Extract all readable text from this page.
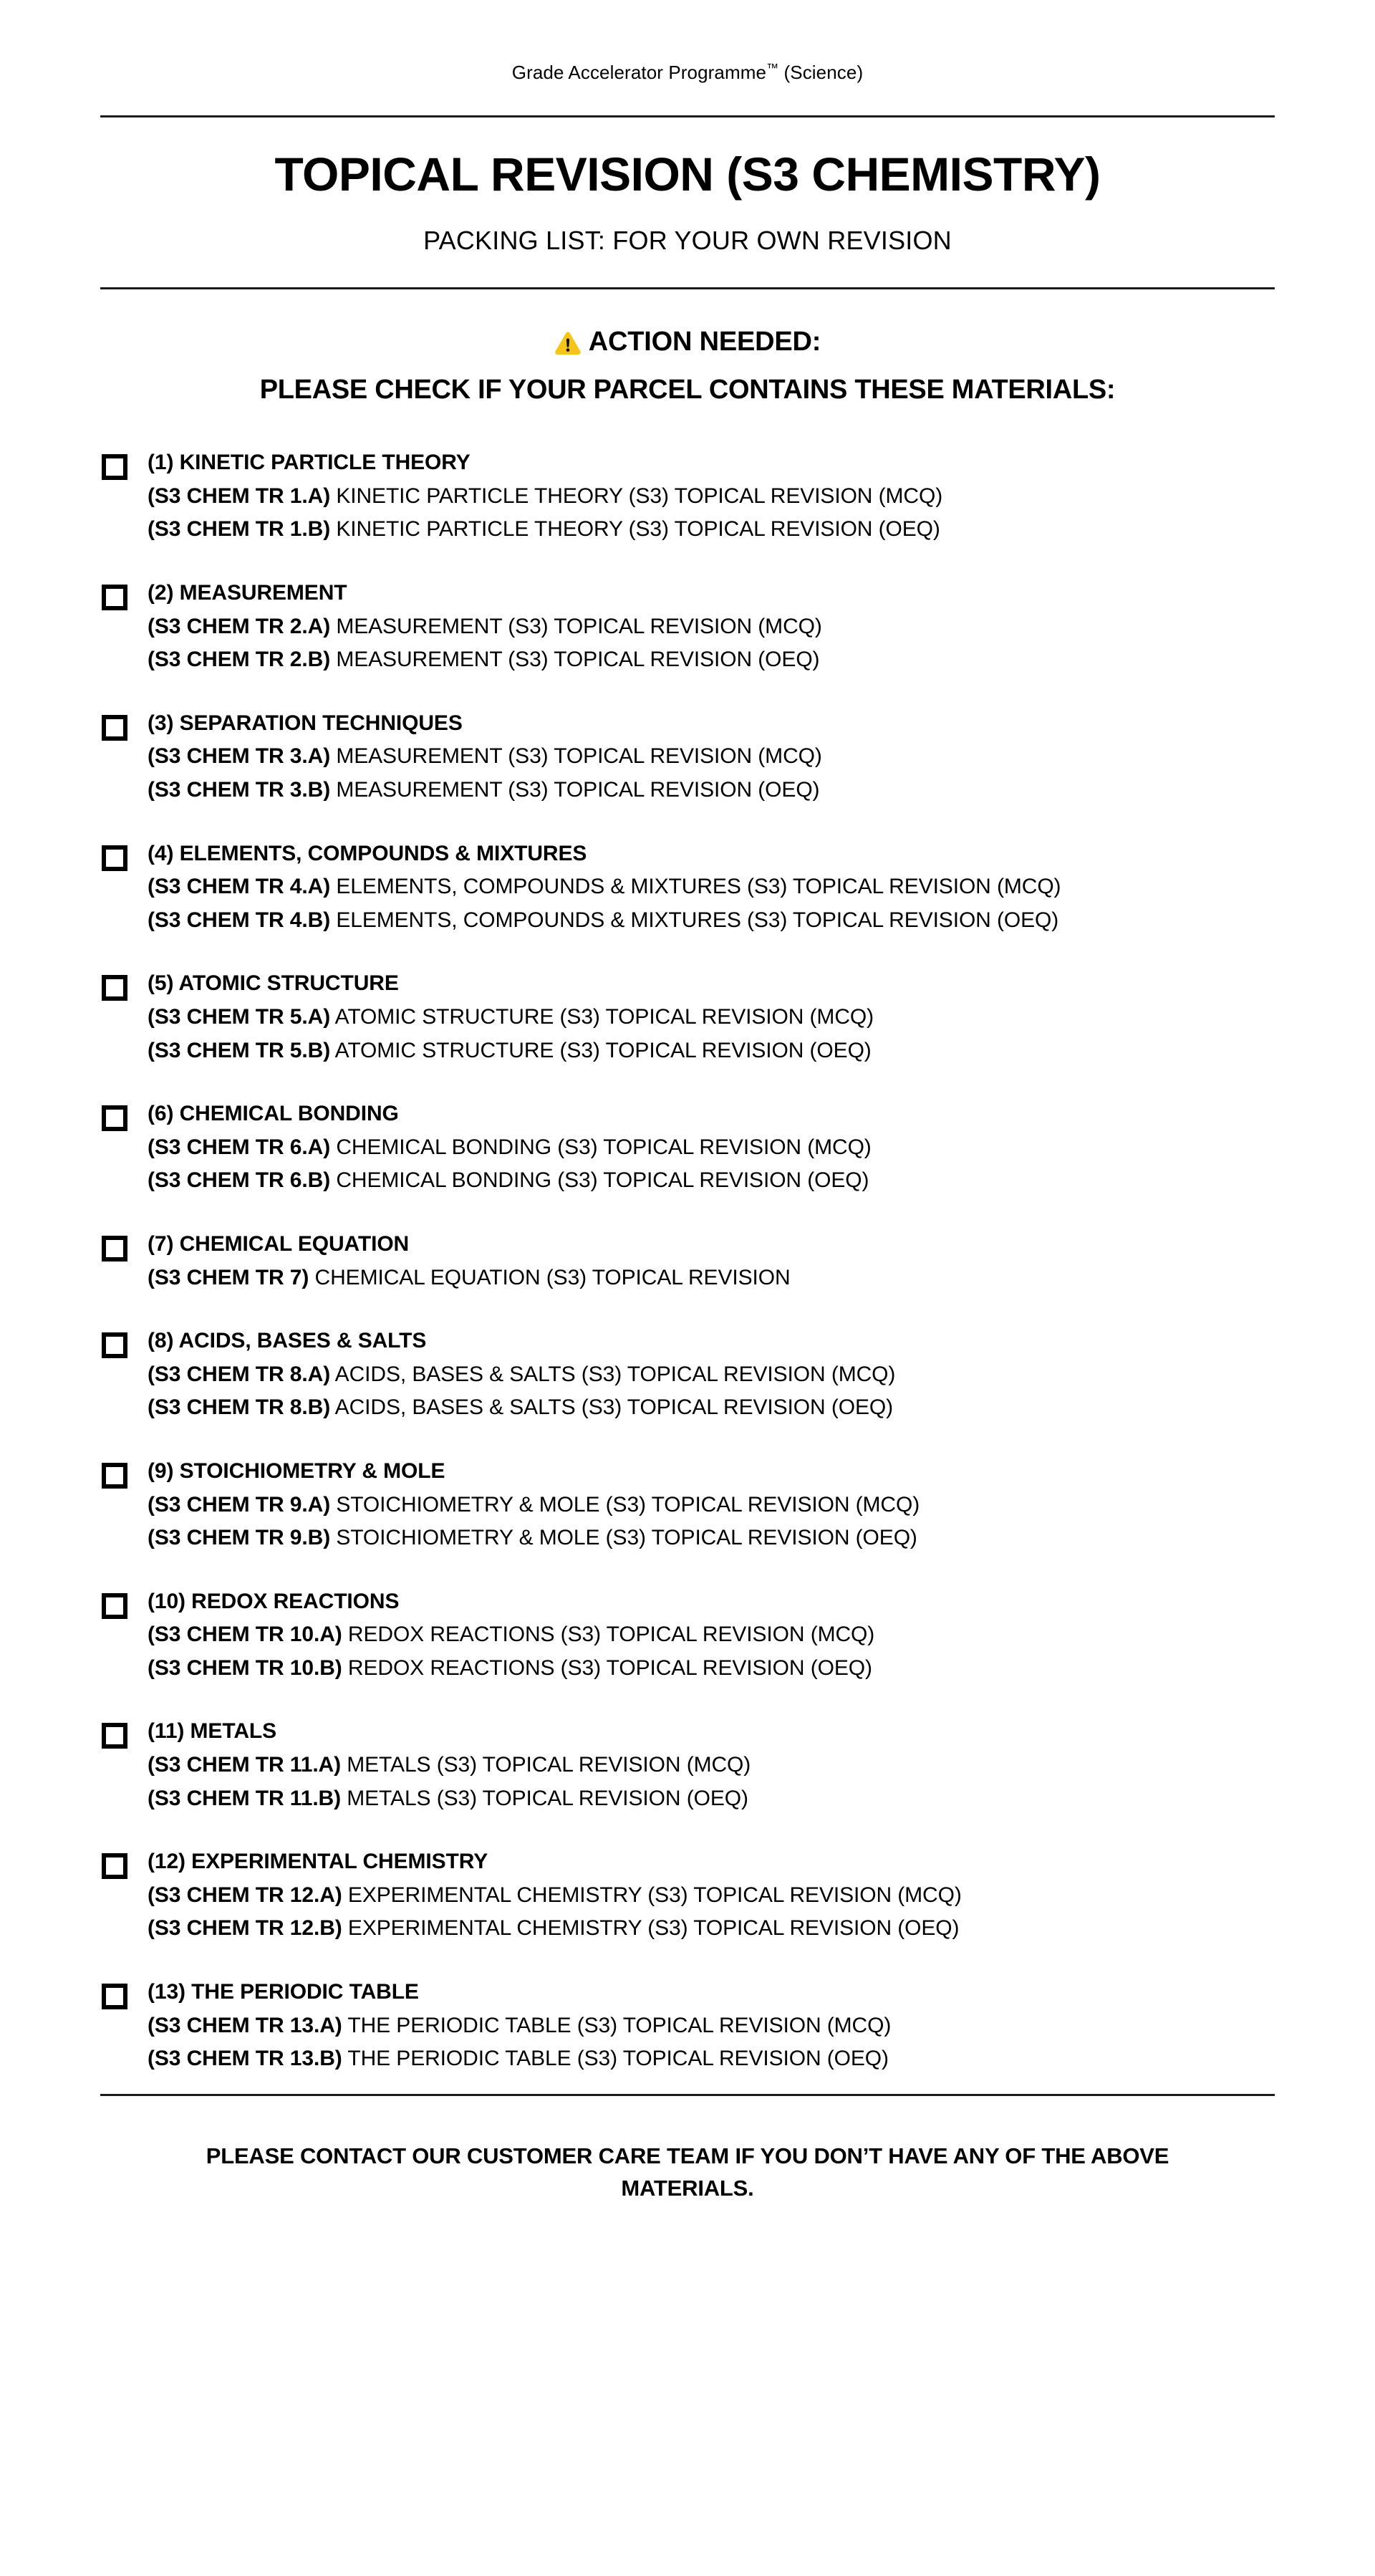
Grade Accelerator Programme™ (Science)
TOPICAL REVISION (S3 CHEMISTRY)
PACKING LIST: FOR YOUR OWN REVISION
ACTION NEEDED:
PLEASE CHECK IF YOUR PARCEL CONTAINS THESE MATERIALS:
(1) KINETIC PARTICLE THEORY
(S3 CHEM TR 1.A) KINETIC PARTICLE THEORY (S3) TOPICAL REVISION (MCQ)
(S3 CHEM TR 1.B) KINETIC PARTICLE THEORY (S3) TOPICAL REVISION (OEQ)
(2) MEASUREMENT
(S3 CHEM TR 2.A) MEASUREMENT (S3) TOPICAL REVISION (MCQ)
(S3 CHEM TR 2.B) MEASUREMENT (S3) TOPICAL REVISION (OEQ)
(3) SEPARATION TECHNIQUES
(S3 CHEM TR 3.A) MEASUREMENT (S3) TOPICAL REVISION (MCQ)
(S3 CHEM TR 3.B) MEASUREMENT (S3) TOPICAL REVISION (OEQ)
(4) ELEMENTS, COMPOUNDS & MIXTURES
(S3 CHEM TR 4.A) ELEMENTS, COMPOUNDS & MIXTURES (S3) TOPICAL REVISION (MCQ)
(S3 CHEM TR 4.B) ELEMENTS, COMPOUNDS & MIXTURES (S3) TOPICAL REVISION (OEQ)
(5) ATOMIC STRUCTURE
(S3 CHEM TR 5.A) ATOMIC STRUCTURE (S3) TOPICAL REVISION (MCQ)
(S3 CHEM TR 5.B) ATOMIC STRUCTURE (S3) TOPICAL REVISION (OEQ)
(6) CHEMICAL BONDING
(S3 CHEM TR 6.A) CHEMICAL BONDING (S3) TOPICAL REVISION (MCQ)
(S3 CHEM TR 6.B) CHEMICAL BONDING (S3) TOPICAL REVISION (OEQ)
(7) CHEMICAL EQUATION
(S3 CHEM TR 7) CHEMICAL EQUATION (S3) TOPICAL REVISION
(8) ACIDS, BASES & SALTS
(S3 CHEM TR 8.A) ACIDS, BASES & SALTS (S3) TOPICAL REVISION (MCQ)
(S3 CHEM TR 8.B) ACIDS, BASES & SALTS (S3) TOPICAL REVISION (OEQ)
(9) STOICHIOMETRY & MOLE
(S3 CHEM TR 9.A) STOICHIOMETRY & MOLE (S3) TOPICAL REVISION (MCQ)
(S3 CHEM TR 9.B) STOICHIOMETRY & MOLE (S3) TOPICAL REVISION (OEQ)
(10) REDOX REACTIONS
(S3 CHEM TR 10.A) REDOX REACTIONS (S3) TOPICAL REVISION (MCQ)
(S3 CHEM TR 10.B) REDOX REACTIONS (S3) TOPICAL REVISION (OEQ)
(11) METALS
(S3 CHEM TR 11.A) METALS (S3) TOPICAL REVISION (MCQ)
(S3 CHEM TR 11.B) METALS (S3) TOPICAL REVISION (OEQ)
(12) EXPERIMENTAL CHEMISTRY
(S3 CHEM TR 12.A) EXPERIMENTAL CHEMISTRY (S3) TOPICAL REVISION (MCQ)
(S3 CHEM TR 12.B) EXPERIMENTAL CHEMISTRY (S3) TOPICAL REVISION (OEQ)
(13) THE PERIODIC TABLE
(S3 CHEM TR 13.A) THE PERIODIC TABLE (S3) TOPICAL REVISION (MCQ)
(S3 CHEM TR 13.B) THE PERIODIC TABLE (S3) TOPICAL REVISION (OEQ)
PLEASE CONTACT OUR CUSTOMER CARE TEAM IF YOU DON’T HAVE ANY OF THE ABOVE MATERIALS.
